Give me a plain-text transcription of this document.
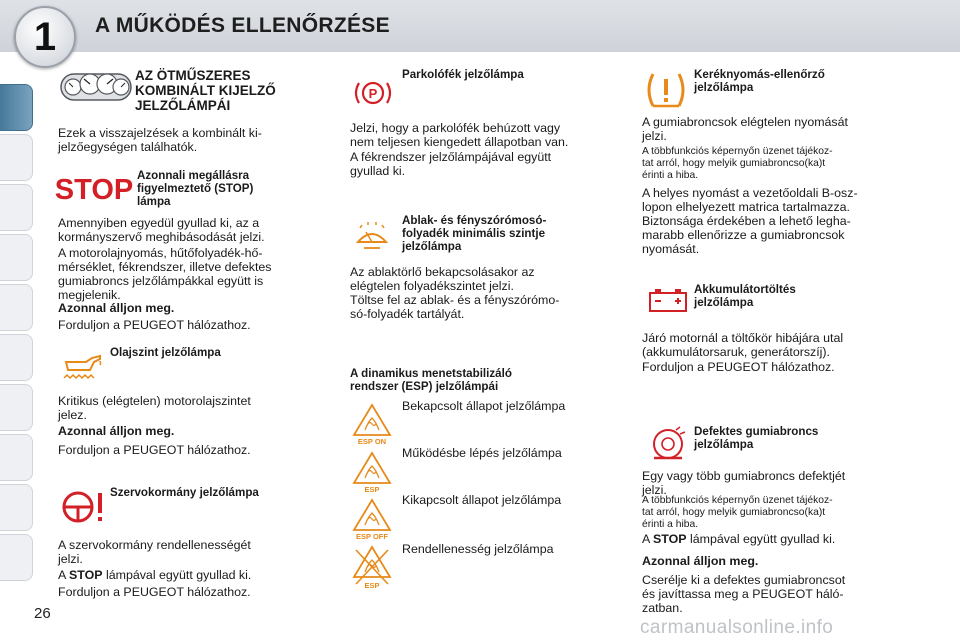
1	A MŰKÖDÉS ELLENŐRZÉSE
AZ ÖTMŰSZERES
KOMBINÁLT KIJELZŐ
JELZŐLÁMPÁI
Ezek a visszajelzések a kombinált ki-
jelzőegységen találhatók.
STOP Azonnali megállásra
figyelmeztető (STOP)
lámpa
Amennyiben egyedül gyullad ki, az a
kormányszervő meghibásodását jelzi.
A motorolajnyomás, hűtőfolyadék-hő-
mérséklet, fékrendszer, illetve defektes
gumiabroncs jelzőlámpákkal együtt is
megjelenik.
Azonnal álljon meg.
Forduljon a PEUGEOT hálózathoz.
Olajszint jelzőlámpa
Kritikus (elégtelen) motorolajszintet
jelez.
Azonnal álljon meg.
Forduljon a PEUGEOT hálózathoz.
Szervokormány jelzőlámpa
A szervokormány rendellenességét
jelzi.
A STOP lámpával együtt gyullad ki.
Forduljon a PEUGEOT hálózathoz.
P
Parkolófék jelzőlámpa
Jelzi, hogy a parkolófék behúzott vagy
nem teljesen kiengedett állapotban van.
A fékrendszer jelzőlámpájával együtt
gyullad ki.
Ablak- és fényszórómosó-
folyadék minimális szintje
jelzőlámpa
Az ablaktörlő bekapcsolásakor az
elégtelen folyadékszintet jelzi.
Töltse fel az ablak- és a fényszórómo-
só-folyadék tartályát.
A dinamikus menetstabilizáló
rendszer (ESP) jelzőlámpái
ESP ON
Bekapcsolt állapot jelzőlámpa
ESP
Működésbe lépés jelzőlámpa
ESP OFF
Kikapcsolt állapot jelzőlámpa
ESP
Rendellenesség jelzőlámpa
Keréknyomás-ellenőrző
jelzőlámpa
A gumiabroncsok elégtelen nyomását
jelzi.
A többfunkciós képernyőn üzenet tájékoz-
tat arról, hogy melyik gumiabroncso(ka)t
érinti a hiba.
A helyes nyomást a vezetőoldali B-osz-
lopon elhelyezett matrica tartalmazza.
Biztonsága érdekében a lehető legha-
marabb ellenőrizze a gumiabroncsok
nyomását.
Akkumulátortöltés
jelzőlámpa
Járó motornál a töltőkör hibájára utal
(akkumulátorsaruk, generátorszíj).
Forduljon a PEUGEOT hálózathoz.
Defektes gumiabroncs
jelzőlámpa
Egy vagy több gumiabroncs defektjét
jelzi.
A többfunkciós képernyőn üzenet tájékoz-
tat arról, hogy melyik gumiabroncso(ka)t
érinti a hiba.
A STOP lámpával együtt gyullad ki.
Azonnal álljon meg.
Cserélje ki a defektes gumiabroncsot
és javíttassa meg a PEUGEOT háló-
zatban.
26
carmanualsonline.info
